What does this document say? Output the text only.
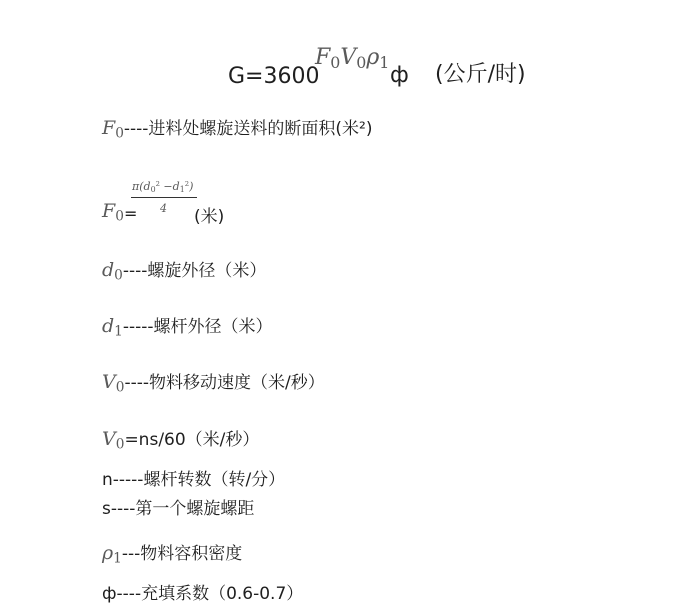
G=3600
$F_0V_0\rho_1$
ф (公斤/时)
$F_0----$进料处螺旋送料的断面积(米²)
$F_0$ =
$\pi(d_0^2 -d_1^2)$
4 (米)
$d_0----$螺旋外径（米）
$d_1-----$螺杆外径（米）
$V_0----$物料移动速度（米/秒）
$V_0=ns/60$（米/秒）
n-----螺杆转数（转/分）
s----第一个螺旋螺距
$\rho_1---$物料容积密度
ф----充填系数（0.6-0.7）
